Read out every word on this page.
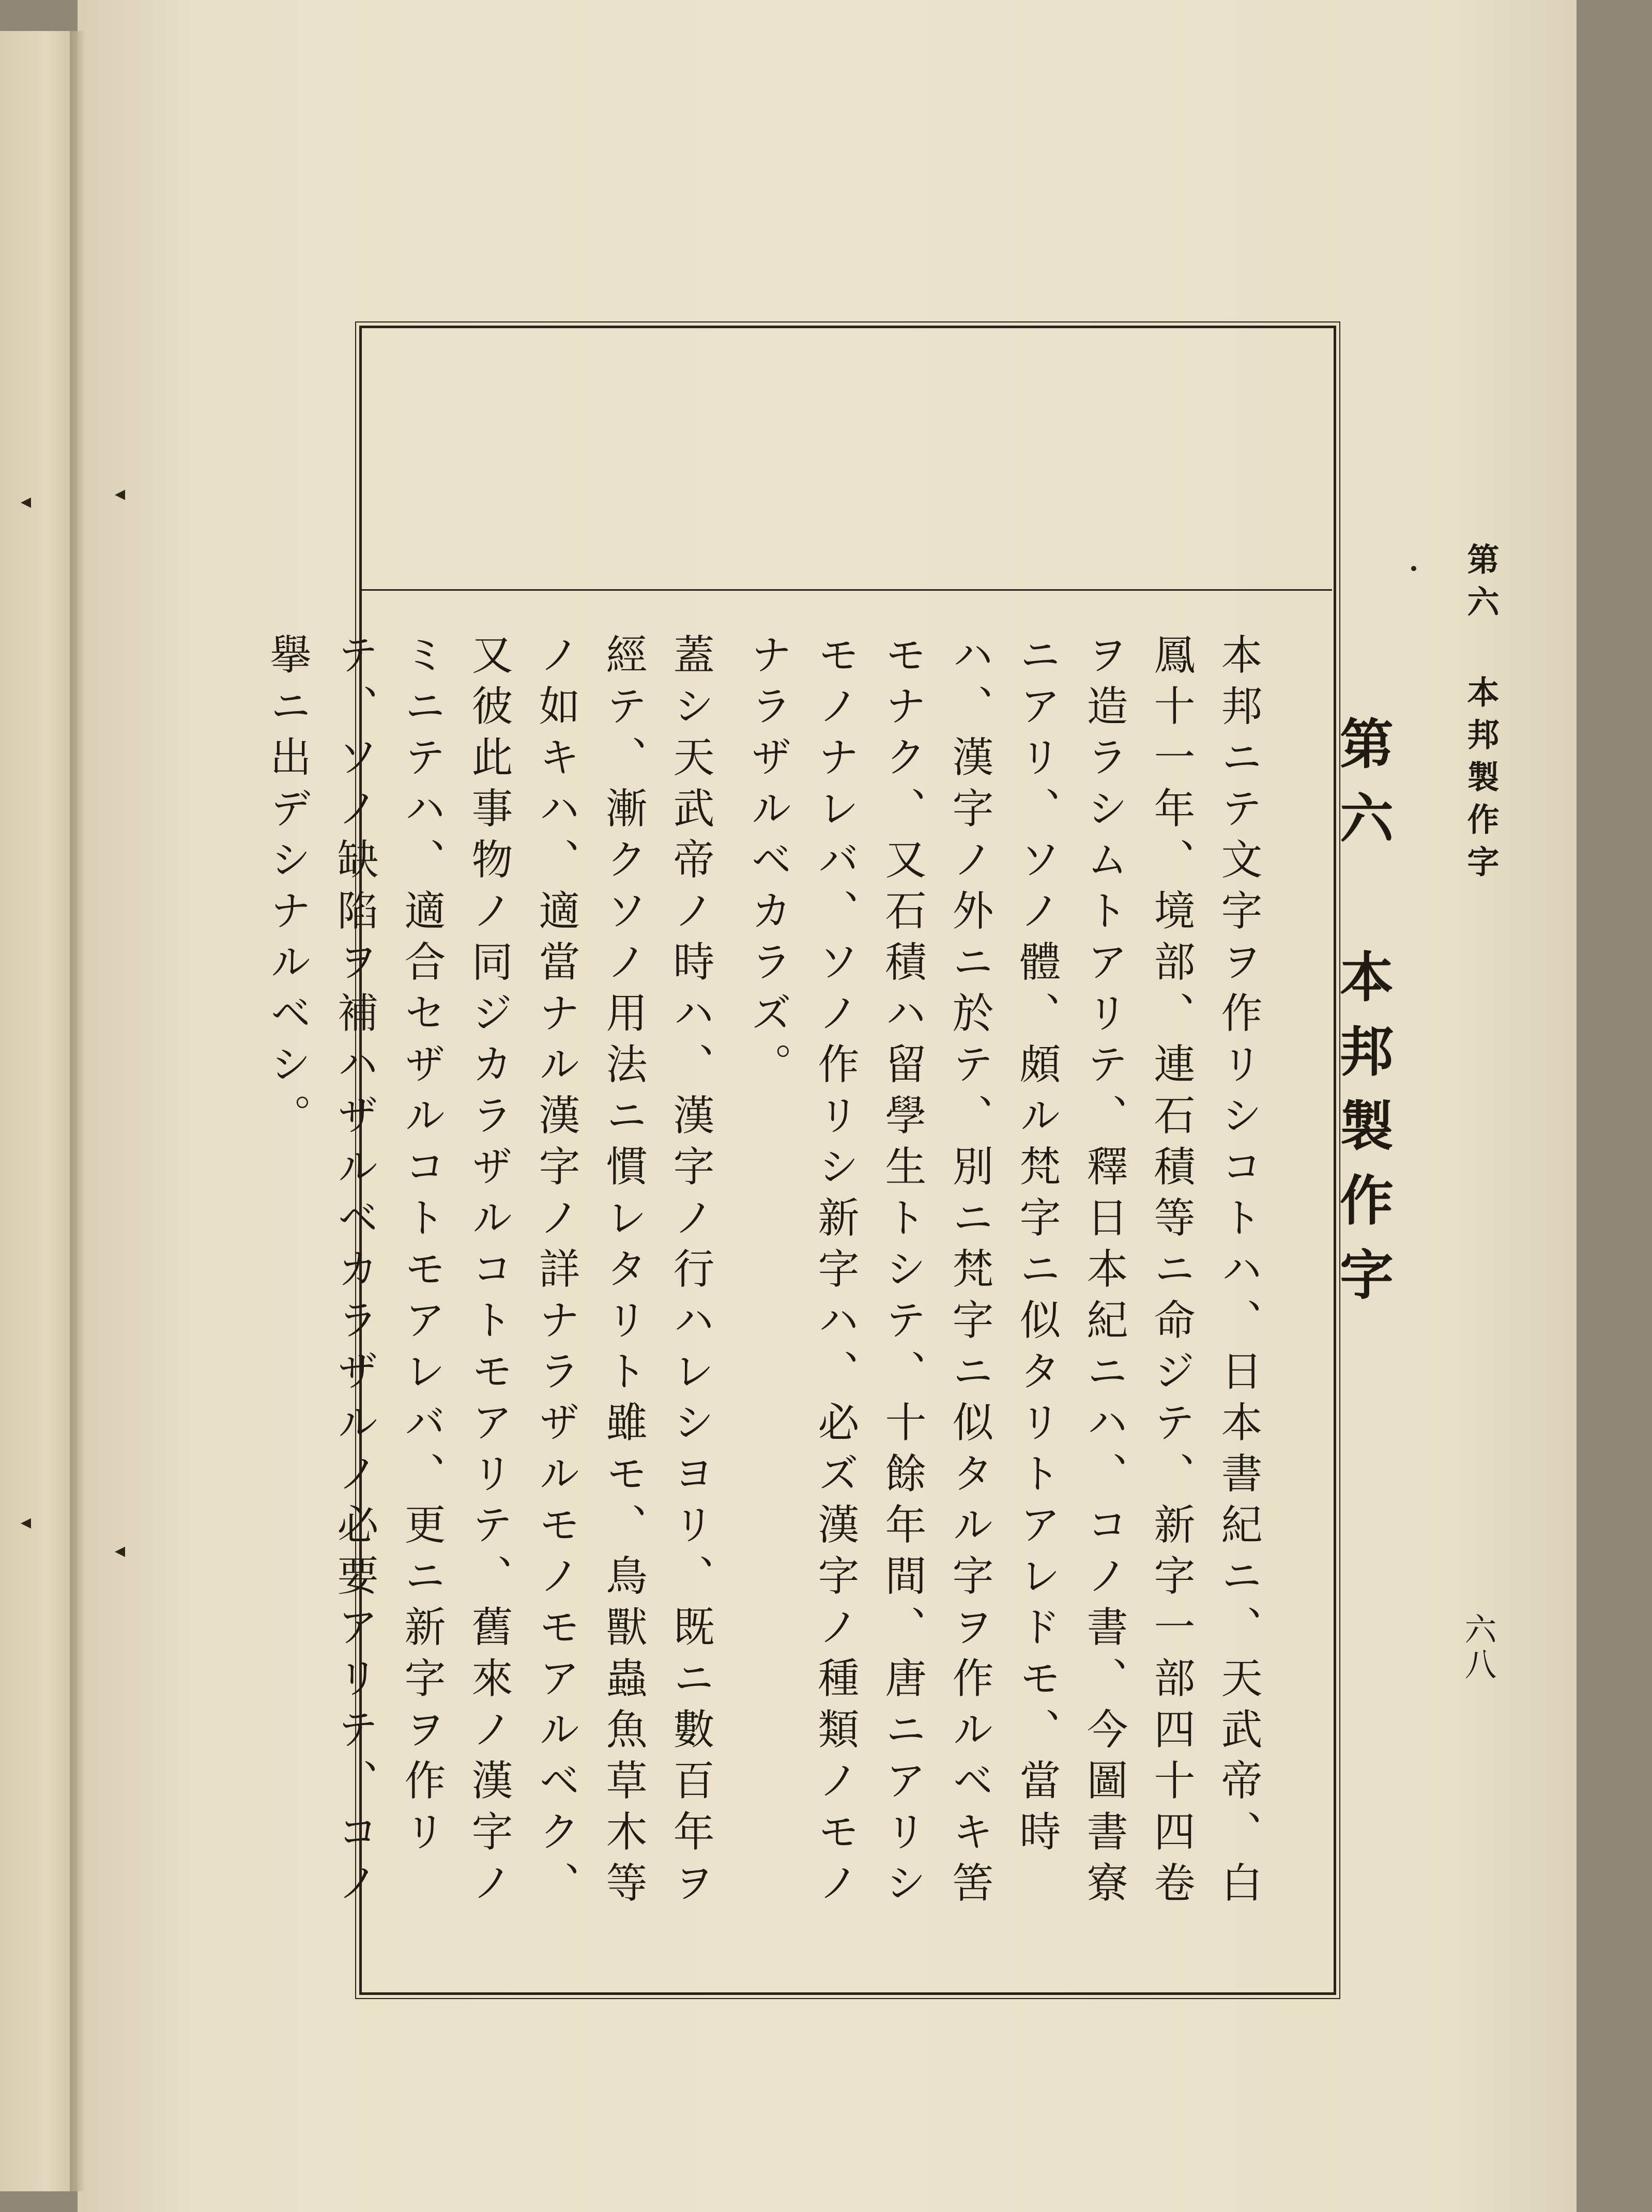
◂	◂
◂
◂
第六 本邦製作字
六八
第六 本邦製作字

本邦ニテ文字ヲ作リシコトハ、日本書紀ニ、天武帝、白鳳十一年、境部、連石積等ニ命ジテ、新字一部四十四卷ヲ造ラシムトアリテ、釋日本紀ニハ、コノ書、今圖書寮ニアリ、ソノ體、頗ル梵字ニ似タリトアレドモ、當時ハ、漢字ノ外ニ於テ、別ニ梵字ニ似タル字ヲ作ルベキ筈モナク、又石積ハ留學生トシテ、十餘年間、唐ニアリシモノナレバ、ソノ作リシ新字ハ、必ズ漢字ノ種類ノモノナラザルベカラズ。

蓋シ天武帝ノ時ハ、漢字ノ行ハレシヨリ、既ニ數百年ヲ經テ、漸クソノ用法ニ慣レタリト雖モ、鳥獸蟲魚草木等ノ如キハ、適當ナル漢字ノ詳ナラザルモノモアルベク、又彼此事物ノ同ジカラザルコトモアリテ、舊來ノ漢字ノミニテハ、適合セザルコトモアレバ、更ニ新字ヲ作リテ、ソノ缺陷ヲ補ハザルベカラザルノ必要アリテ、コノ擧ニ出デシナルベシ。
